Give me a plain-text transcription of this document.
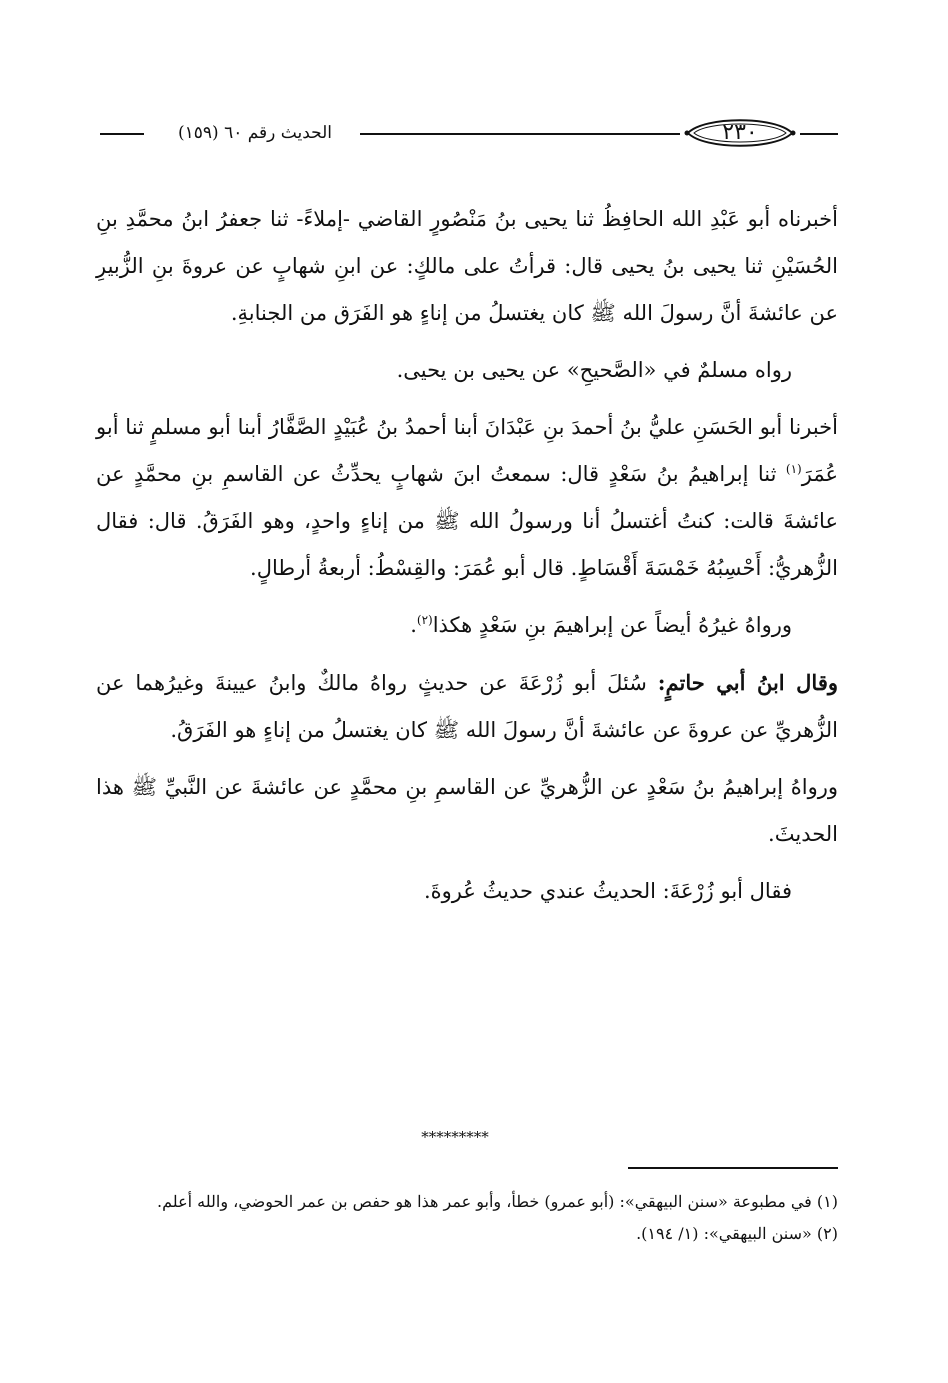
الحديث رقم ٦٠ (١٥٩)	٢٣٠

أخبرناه أبو عَبْدِ الله الحافِظُ ثنا يحيى بنُ مَنْصُورٍ القاضي -إملاءً- ثنا جعفرُ ابنُ محمَّدِ بنِ الحُسَيْنِ ثنا يحيى بنُ يحيى قال: قرأتُ على مالكٍ: عن ابنِ شهابٍ عن عروةَ بنِ الزُّبيرِ عن عائشةَ أنَّ رسولَ الله ﷺ كان يغتسلُ من إناءٍ هو الفَرَق من الجنابةِ.

رواه مسلمٌ في «الصَّحيحِ» عن يحيى بن يحيى.

أخبرنا أبو الحَسَنِ عليُّ بنُ أحمدَ بنِ عَبْدَانَ أبنا أحمدُ بنُ عُبَيْدٍ الصَّفَّارُ أبنا أبو مسلمٍ ثنا أبو عُمَرَ$^{(١)}$ ثنا إبراهيمُ بنُ سَعْدٍ قال: سمعتُ ابنَ شهابٍ يحدِّثُ عن القاسمِ بنِ محمَّدٍ عن عائشةَ قالت: كنتُ أغتسلُ أنا ورسولُ الله ﷺ من إناءٍ واحدٍ، وهو الفَرَقُ. قال: فقال الزُّهريُّ: أَحْسِبُهُ خَمْسَةَ أَقْسَاطٍ. قال أبو عُمَرَ: والقِسْطُ: أربعةُ أرطالٍ.

ورواهُ غيرُهُ أيضاً عن إبراهيمَ بنِ سَعْدٍ هكذا$^{(٢)}$.

وقال ابنُ أبي حاتمٍ: سُئلَ أبو زُرْعَةَ عن حديثٍ رواهُ مالكٌ وابنُ عيينةَ وغيرُهما عن الزُّهريِّ عن عروةَ عن عائشةَ أنَّ رسولَ الله ﷺ كان يغتسلُ من إناءٍ هو الفَرَقُ.

ورواهُ إبراهيمُ بنُ سَعْدٍ عن الزُّهريِّ عن القاسمِ بنِ محمَّدٍ عن عائشةَ عن النَّبيِّ ﷺ هذا الحديثَ.

فقال أبو زُرْعَةَ: الحديثُ عندي حديثُ عُروةَ.

*********

(١) في مطبوعة «سنن البيهقي»: (أبو عمرو) خطأ، وأبو عمر هذا هو حفص بن عمر الحوضي، والله أعلم.

(٢) «سنن البيهقي»: (١/ ١٩٤).
